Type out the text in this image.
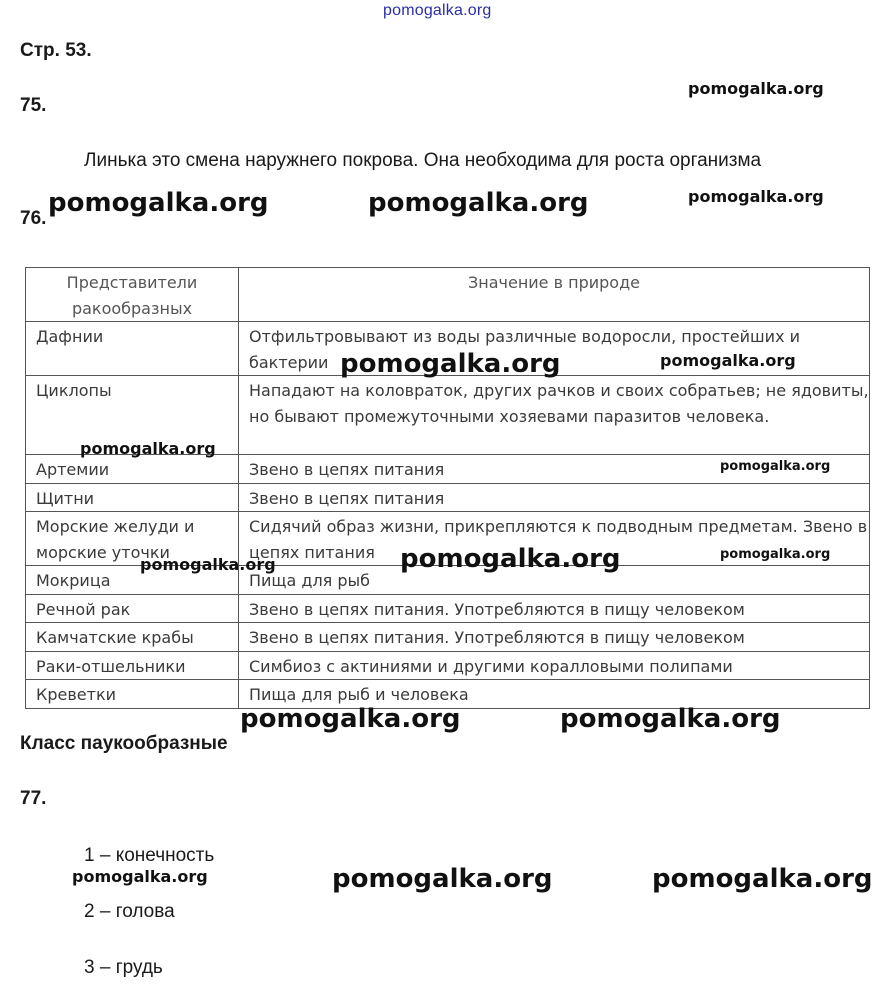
pomogalka.org
Стр. 53.
75.
Линька это смена наружнего покрова. Она необходима для роста организма
76.
Представители ракообразных	Значение в природе
Дафнии	Отфильтровывают из воды различные водоросли, простейших и бактерии
Циклопы	Нападают на коловраток, других рачков и своих собратьев; не ядовиты, но бывают промежуточными хозяевами паразитов человека.
Артемии	Звено в цепях питания
Щитни	Звено в цепях питания
Морские желуди и морские уточки	Сидячий образ жизни, прикрепляются к подводным предметам. Звено в цепях питания
Мокрица	Пища для рыб
Речной рак	Звено в цепях питания. Употребляются в пищу человеком
Камчатские крабы	Звено в цепях питания. Употребляются в пищу человеком
Раки-отшельники	Симбиоз с актиниями и другими коралловыми полипами
Креветки	Пища для рыб и человека
Класс паукообразные
77.
1 – конечность
2 – голова
3 – грудь
pomogalka.org
pomogalka.org	pomogalka.org	pomogalka.org
pomogalka.org	pomogalka.org
pomogalka.org
pomogalka.org
pomogalka.org
pomogalka.org	pomogalka.org
pomogalka.org	pomogalka.org
pomogalka.org	pomogalka.org	pomogalka.org
